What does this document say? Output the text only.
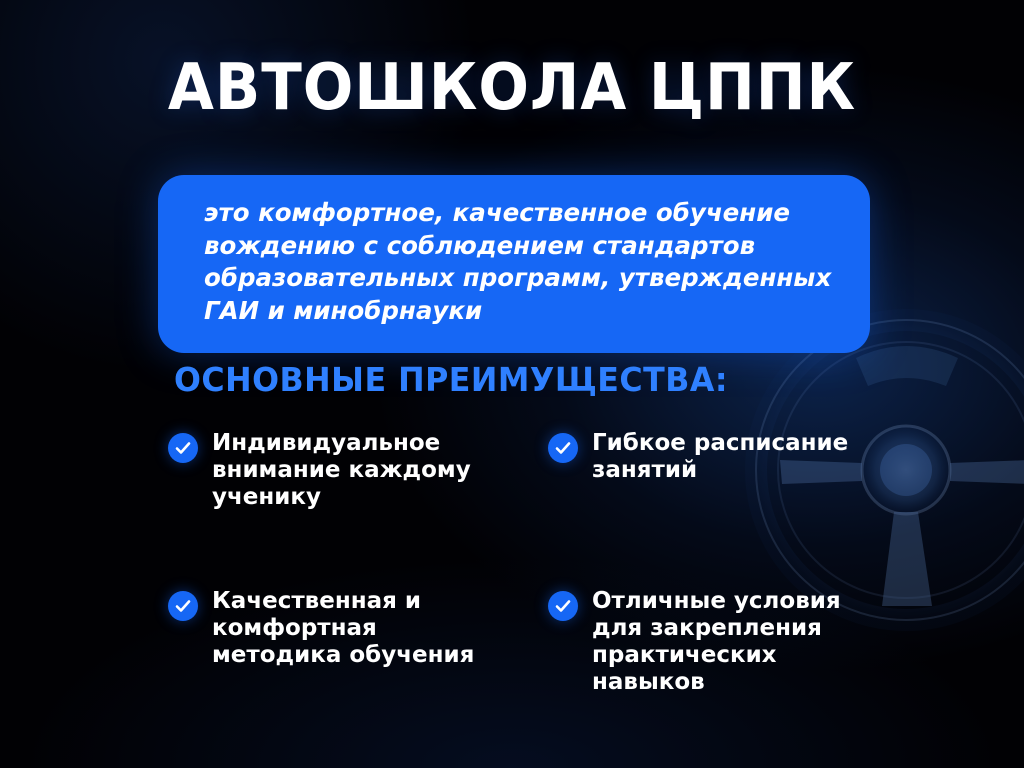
АВТОШКОЛА ЦППК
это комфортное, качественное обучение вождению с соблюдением стандартов образовательных программ, утвержденных ГАИ и минобрнауки
ОСНОВНЫЕ ПРЕИМУЩЕСТВА:
Индивидуальное внимание каждому ученику
Гибкое расписание занятий
Качественная и комфортная методика обучения
Отличные условия для закрепления практических навыков
